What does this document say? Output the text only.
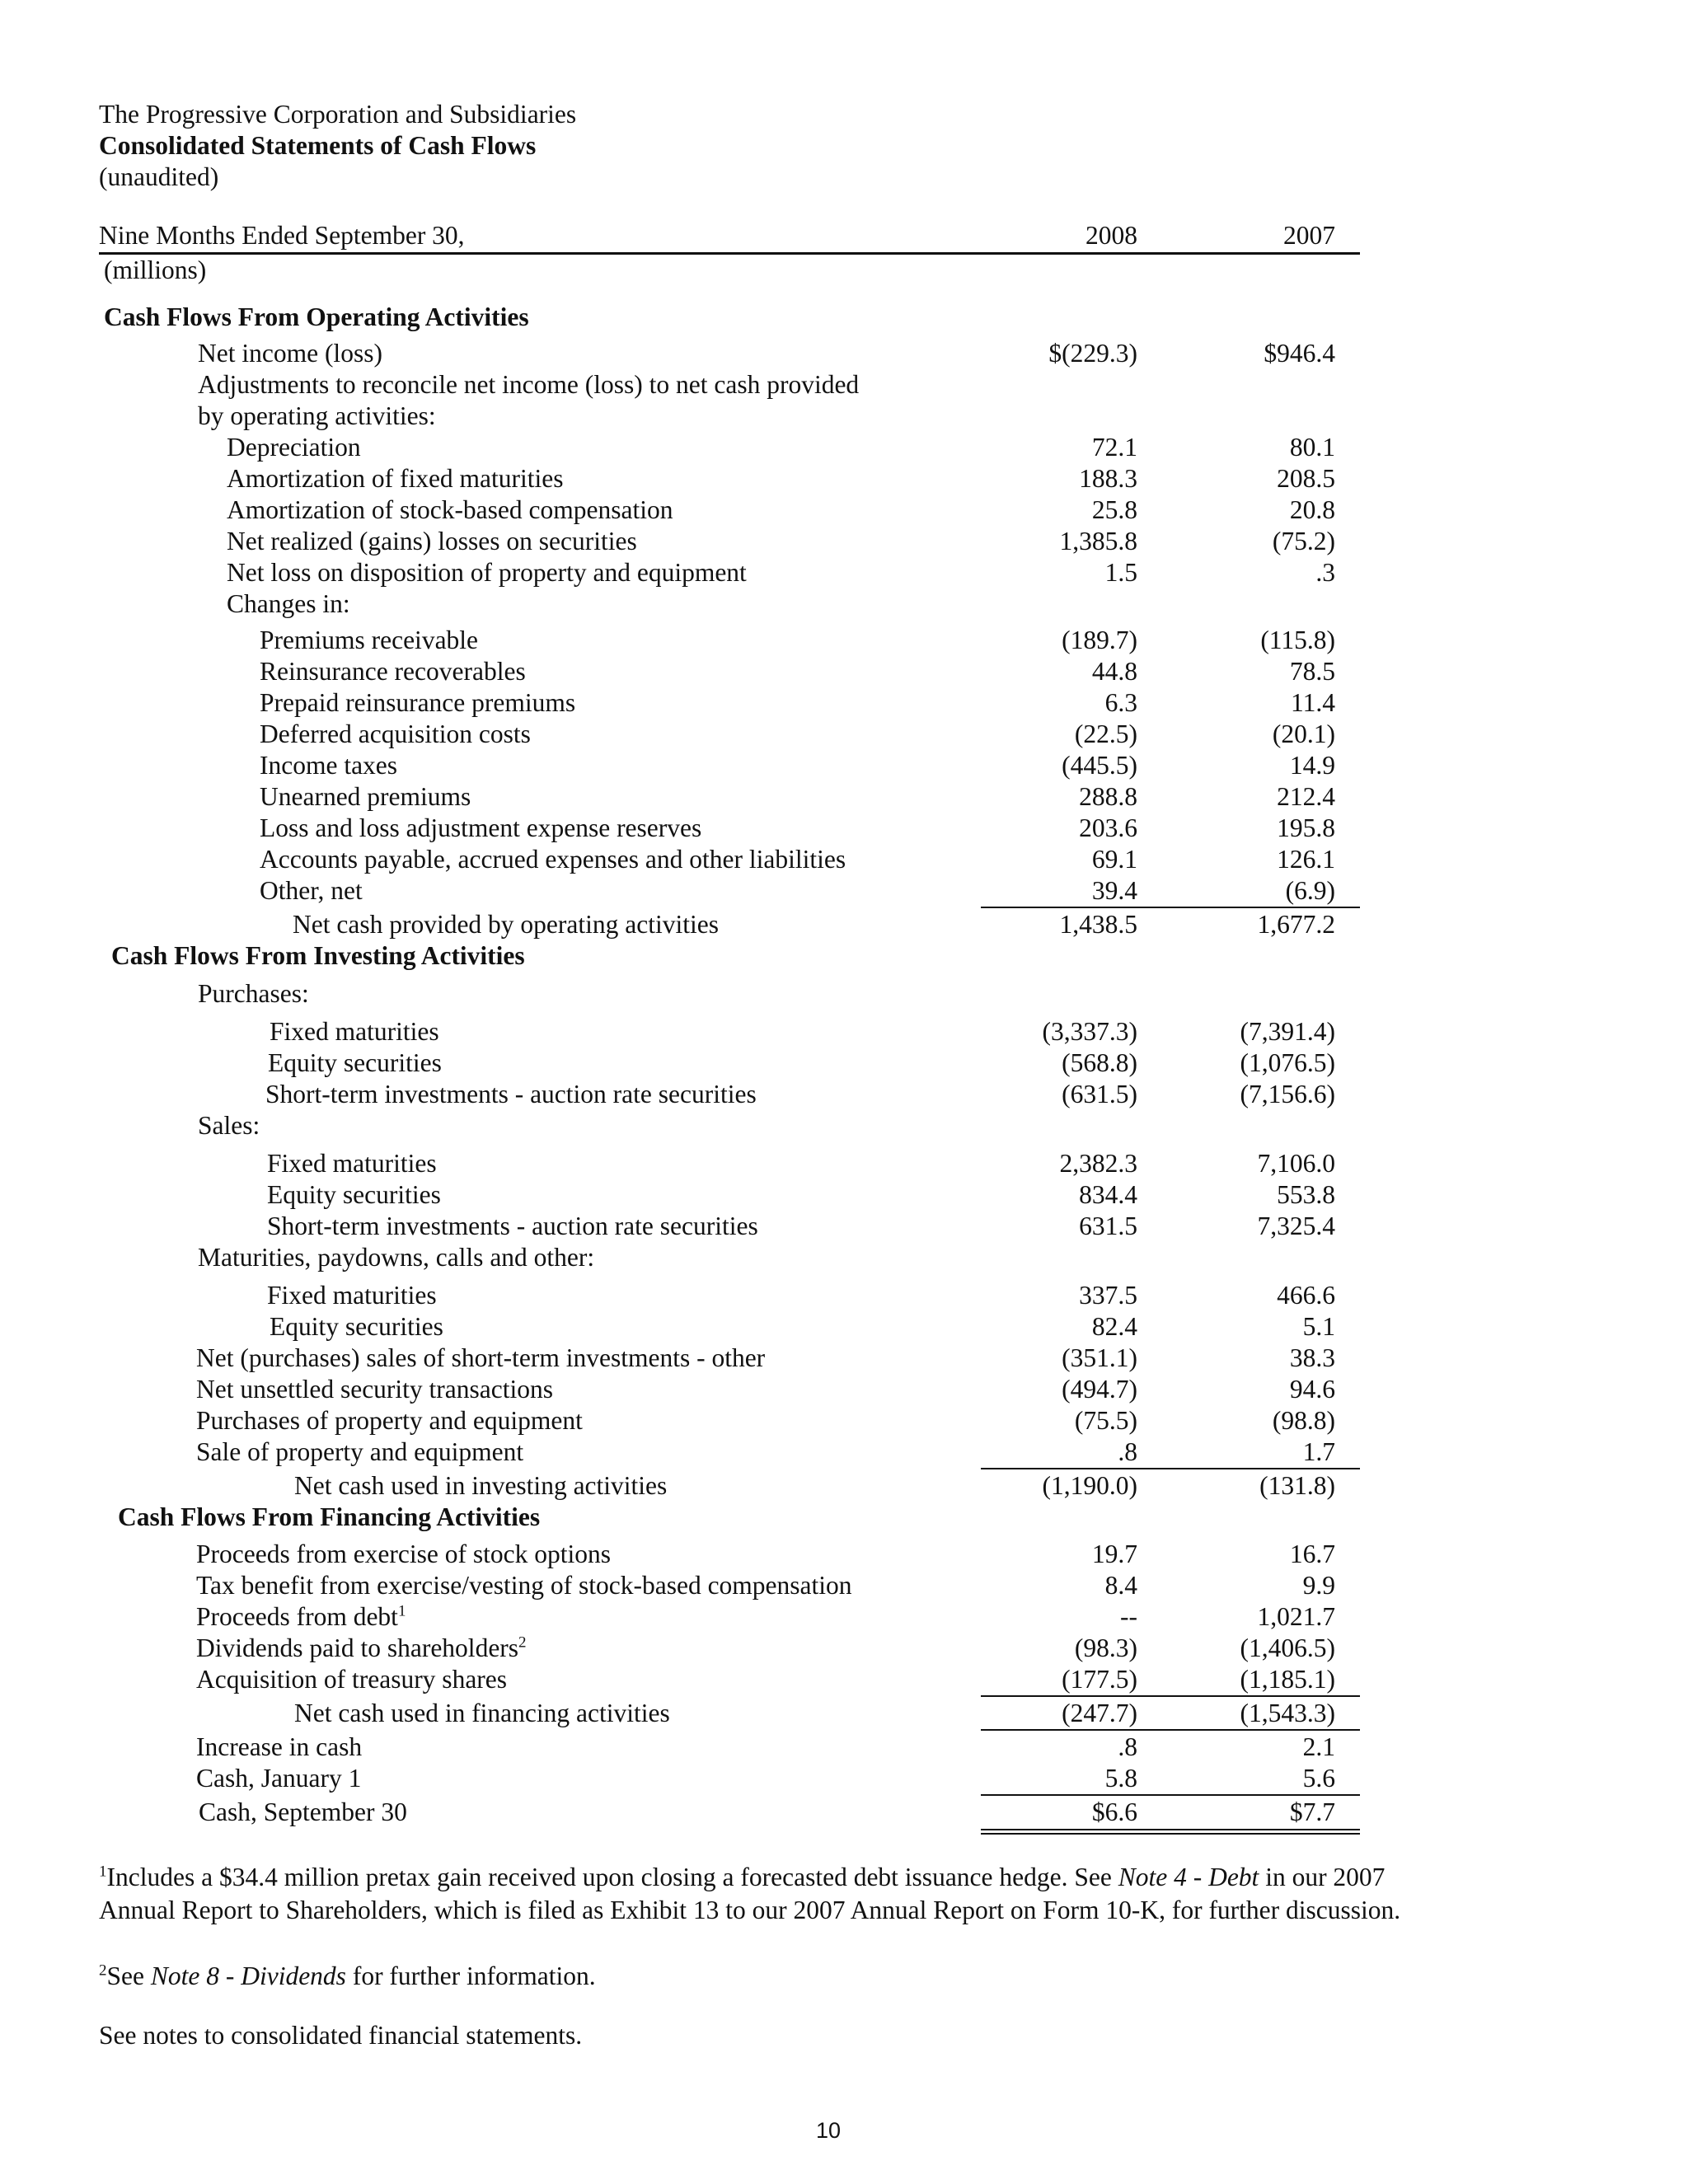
The Progressive Corporation and Subsidiaries
Consolidated Statements of Cash Flows
(unaudited)
Nine Months Ended September 30,	2008	2007
(millions)
Cash Flows From Operating Activities
Net income (loss)	$(229.3)	$946.4
Adjustments to reconcile net income (loss) to net cash provided
by operating activities:
Depreciation	72.1	80.1
Amortization of fixed maturities	188.3	208.5
Amortization of stock-based compensation	25.8	20.8
Net realized (gains) losses on securities	1,385.8	(75.2)
Net loss on disposition of property and equipment	1.5	.3
Changes in:
Premiums receivable	(189.7)	(115.8)
Reinsurance recoverables	44.8	78.5
Prepaid reinsurance premiums	6.3	11.4
Deferred acquisition costs	(22.5)	(20.1)
Income taxes	(445.5)	14.9
Unearned premiums	288.8	212.4
Loss and loss adjustment expense reserves	203.6	195.8
Accounts payable, accrued expenses and other liabilities	69.1	126.1
Other, net	39.4	(6.9)
Net cash provided by operating activities	1,438.5	1,677.2
Cash Flows From Investing Activities
Purchases:
Fixed maturities	(3,337.3)	(7,391.4)
Equity securities	(568.8)	(1,076.5)
Short-term investments - auction rate securities	(631.5)	(7,156.6)
Sales:
Fixed maturities	2,382.3	7,106.0
Equity securities	834.4	553.8
Short-term investments - auction rate securities	631.5	7,325.4
Maturities, paydowns, calls and other:
Fixed maturities	337.5	466.6
Equity securities	82.4	5.1
Net (purchases) sales of short-term investments - other	(351.1)	38.3
Net unsettled security transactions	(494.7)	94.6
Purchases of property and equipment	(75.5)	(98.8)
Sale of property and equipment	.8	1.7
Net cash used in investing activities	(1,190.0)	(131.8)
Cash Flows From Financing Activities
Proceeds from exercise of stock options	19.7	16.7
Tax benefit from exercise/vesting of stock-based compensation	8.4	9.9
Proceeds from debt$^1$	--	1,021.7
Dividends paid to shareholders$^2$	(98.3)	(1,406.5)
Acquisition of treasury shares	(177.5)	(1,185.1)
Net cash used in financing activities	(247.7)	(1,543.3)
Increase in cash	.8	2.1
Cash, January 1	5.8	5.6
Cash, September 30	$6.6	$7.7
$^1$Includes a $34.4 million pretax gain received upon closing a forecasted debt issuance hedge. See Note 4 - Debt in our 2007
Annual Report to Shareholders, which is filed as Exhibit 13 to our 2007 Annual Report on Form 10-K, for further discussion.
$^2$See Note 8 - Dividends for further information.
See notes to consolidated financial statements.
10
